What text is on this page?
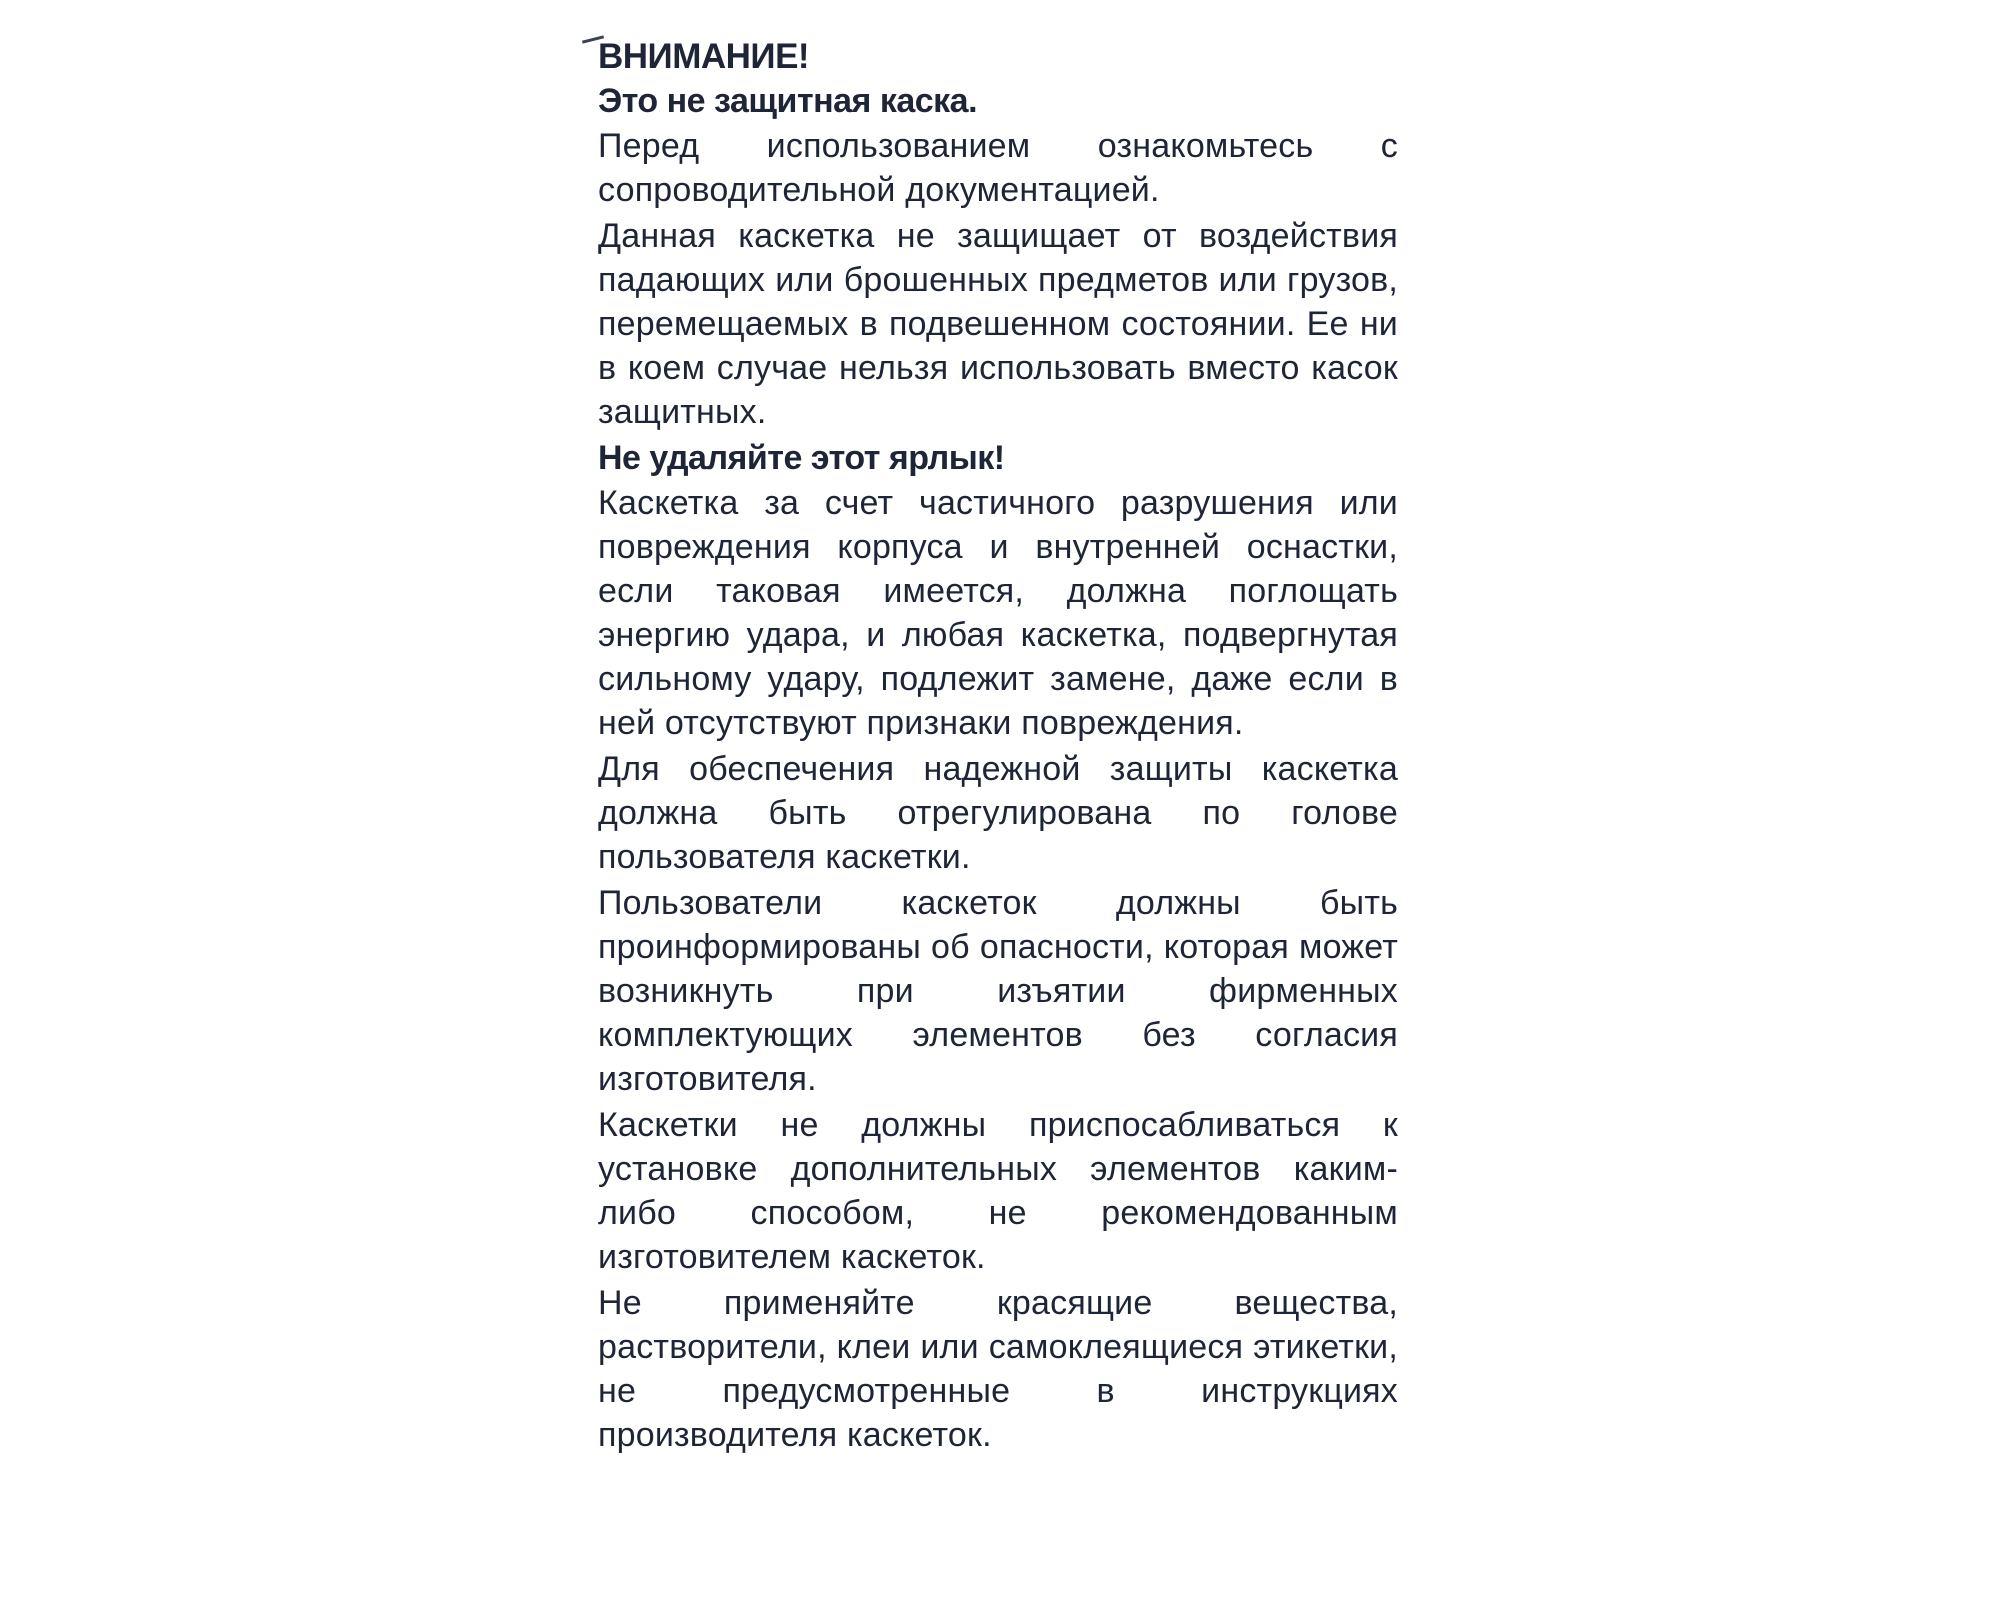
ВНИМАНИЕ!

Это не защитная каска.

Перед использованием ознакомьтесь с сопроводительной документацией.

Данная каскетка не защищает от воздействия падающих или брошенных предметов или грузов, перемещаемых в подвешенном состоянии. Ее ни в коем случае нельзя использовать вместо касок защитных.

Не удаляйте этот ярлык!

Каскетка за счет частичного разрушения или повреждения корпуса и внутренней оснастки, если таковая имеется, должна поглощать энергию удара, и любая каскетка, подвергнутая сильному удару, подлежит замене, даже если в ней отсутствуют признаки повреждения.

Для обеспечения надежной защиты каскетка должна быть отрегулирована по голове пользователя каскетки.

Пользователи каскеток должны быть проинформированы об опасности, которая может возникнуть при изъятии фирменных комплектующих элементов без согласия изготовителя.

Каскетки не должны приспосабливаться к установке дополнительных элементов каким-либо способом, не рекомендованным изготовителем каскеток.

Не применяйте красящие вещества, растворители, клеи или самоклеящиеся этикетки, не предусмотренные в инструкциях производителя каскеток.
